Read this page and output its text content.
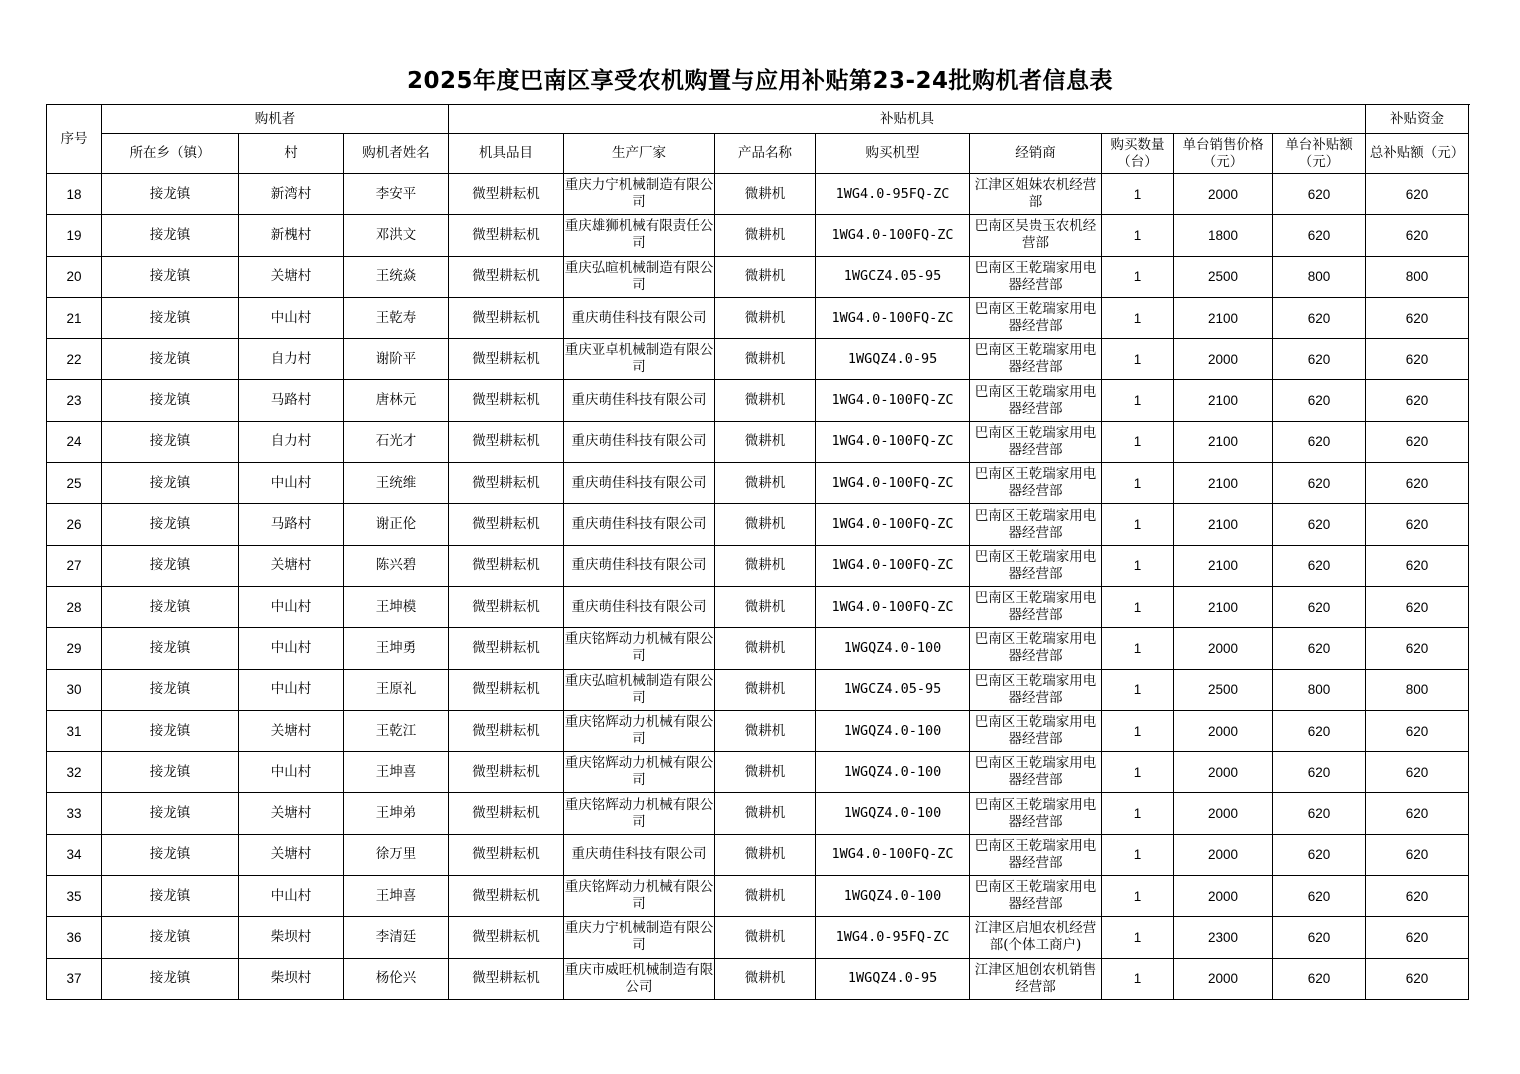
2025年度巴南区享受农机购置与应用补贴第23-24批购机者信息表
序号	购机者			补贴机具								补贴资金
	所在乡（镇）	村	购机者姓名	机具品目	生产厂家	产品名称	购买机型	经销商	购买数量（台）	单台销售价格（元）	单台补贴额（元）	总补贴额（元）
18	接龙镇	新湾村	李安平	微型耕耘机	重庆力宁机械制造有限公司	微耕机	1WG4.0-95FQ-ZC	江津区姐妹农机经营部	1	2000	620	620
19	接龙镇	新槐村	邓洪文	微型耕耘机	重庆雄狮机械有限责任公司	微耕机	1WG4.0-100FQ-ZC	巴南区吴贵玉农机经营部	1	1800	620	620
20	接龙镇	关塘村	王统焱	微型耕耘机	重庆弘暄机械制造有限公司	微耕机	1WGCZ4.05-95	巴南区王乾瑞家用电器经营部	1	2500	800	800
21	接龙镇	中山村	王乾寿	微型耕耘机	重庆萌佳科技有限公司	微耕机	1WG4.0-100FQ-ZC	巴南区王乾瑞家用电器经营部	1	2100	620	620
22	接龙镇	自力村	谢阶平	微型耕耘机	重庆亚卓机械制造有限公司	微耕机	1WGQZ4.0-95	巴南区王乾瑞家用电器经营部	1	2000	620	620
23	接龙镇	马路村	唐林元	微型耕耘机	重庆萌佳科技有限公司	微耕机	1WG4.0-100FQ-ZC	巴南区王乾瑞家用电器经营部	1	2100	620	620
24	接龙镇	自力村	石光才	微型耕耘机	重庆萌佳科技有限公司	微耕机	1WG4.0-100FQ-ZC	巴南区王乾瑞家用电器经营部	1	2100	620	620
25	接龙镇	中山村	王统维	微型耕耘机	重庆萌佳科技有限公司	微耕机	1WG4.0-100FQ-ZC	巴南区王乾瑞家用电器经营部	1	2100	620	620
26	接龙镇	马路村	谢正伦	微型耕耘机	重庆萌佳科技有限公司	微耕机	1WG4.0-100FQ-ZC	巴南区王乾瑞家用电器经营部	1	2100	620	620
27	接龙镇	关塘村	陈兴碧	微型耕耘机	重庆萌佳科技有限公司	微耕机	1WG4.0-100FQ-ZC	巴南区王乾瑞家用电器经营部	1	2100	620	620
28	接龙镇	中山村	王坤模	微型耕耘机	重庆萌佳科技有限公司	微耕机	1WG4.0-100FQ-ZC	巴南区王乾瑞家用电器经营部	1	2100	620	620
29	接龙镇	中山村	王坤勇	微型耕耘机	重庆铭辉动力机械有限公司	微耕机	1WGQZ4.0-100	巴南区王乾瑞家用电器经营部	1	2000	620	620
30	接龙镇	中山村	王原礼	微型耕耘机	重庆弘暄机械制造有限公司	微耕机	1WGCZ4.05-95	巴南区王乾瑞家用电器经营部	1	2500	800	800
31	接龙镇	关塘村	王乾江	微型耕耘机	重庆铭辉动力机械有限公司	微耕机	1WGQZ4.0-100	巴南区王乾瑞家用电器经营部	1	2000	620	620
32	接龙镇	中山村	王坤喜	微型耕耘机	重庆铭辉动力机械有限公司	微耕机	1WGQZ4.0-100	巴南区王乾瑞家用电器经营部	1	2000	620	620
33	接龙镇	关塘村	王坤弟	微型耕耘机	重庆铭辉动力机械有限公司	微耕机	1WGQZ4.0-100	巴南区王乾瑞家用电器经营部	1	2000	620	620
34	接龙镇	关塘村	徐万里	微型耕耘机	重庆萌佳科技有限公司	微耕机	1WG4.0-100FQ-ZC	巴南区王乾瑞家用电器经营部	1	2000	620	620
35	接龙镇	中山村	王坤喜	微型耕耘机	重庆铭辉动力机械有限公司	微耕机	1WGQZ4.0-100	巴南区王乾瑞家用电器经营部	1	2000	620	620
36	接龙镇	柴坝村	李清廷	微型耕耘机	重庆力宁机械制造有限公司	微耕机	1WG4.0-95FQ-ZC	江津区启旭农机经营部(个体工商户)	1	2300	620	620
37	接龙镇	柴坝村	杨伦兴	微型耕耘机	重庆市威旺机械制造有限公司	微耕机	1WGQZ4.0-95	江津区旭创农机销售经营部	1	2000	620	620
